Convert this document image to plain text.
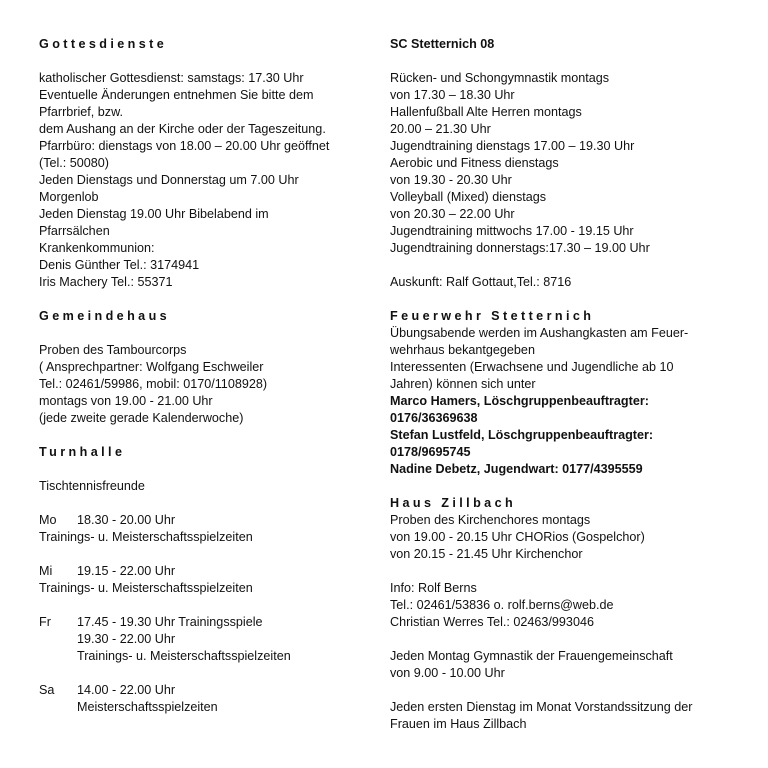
Gottesdienste
katholischer Gottesdienst: samstags: 17.30 Uhr
Eventuelle Änderungen entnehmen Sie bitte dem
Pfarrbrief, bzw.
dem Aushang an der Kirche oder der Tageszeitung.
Pfarrbüro: dienstags von 18.00 – 20.00 Uhr geöffnet
(Tel.: 50080)
Jeden Dienstags und Donnerstag um 7.00 Uhr
Morgenlob
Jeden Dienstag 19.00 Uhr Bibelabend im
Pfarrsälchen
Krankenkommunion:
Denis Günther Tel.: 3174941
Iris Machery Tel.: 55371
Gemeindehaus
Proben des Tambourcorps
( Ansprechpartner: Wolfgang Eschweiler
Tel.: 02461/59986, mobil: 0170/1108928)
montags von 19.00 - 21.00 Uhr
(jede zweite gerade Kalenderwoche)
Turnhalle
Tischtennisfreunde
Mo	18.30 - 20.00 Uhr
Trainings- u. Meisterschaftsspielzeiten
Mi	19.15 - 22.00 Uhr
Trainings- u. Meisterschaftsspielzeiten
Fr	17.45 - 19.30 Uhr Trainingsspiele
19.30 - 22.00 Uhr
Trainings- u. Meisterschaftsspielzeiten
Sa	14.00 - 22.00 Uhr
Meisterschaftsspielzeiten
SC Stetternich 08
Rücken- und Schongymnastik montags
von 17.30 – 18.30 Uhr
Hallenfußball Alte Herren montags
20.00 – 21.30 Uhr
Jugendtraining dienstags 17.00 – 19.30 Uhr
Aerobic und Fitness dienstags
von 19.30 - 20.30 Uhr
Volleyball (Mixed) dienstags
von 20.30 – 22.00 Uhr
Jugendtraining mittwochs 17.00 - 19.15 Uhr
Jugendtraining donnerstags:17.30 – 19.00 Uhr
Auskunft: Ralf Gottaut,Tel.: 8716
Feuerwehr Stetternich
Übungsabende werden im Aushangkasten am Feuer-
wehrhaus bekantgegeben
Interessenten (Erwachsene und Jugendliche ab 10
Jahren) können sich unter
Marco Hamers, Löschgruppenbeauftragter:
0176/36369638
Stefan Lustfeld, Löschgruppenbeauftragter:
0178/9695745
Nadine Debetz, Jugendwart: 0177/4395559
Haus Zillbach
Proben des Kirchenchores montags
von 19.00 - 20.15 Uhr CHORios (Gospelchor)
von 20.15 - 21.45 Uhr Kirchenchor
Info: Rolf Berns
Tel.: 02461/53836 o. rolf.berns@web.de
Christian Werres Tel.: 02463/993046
Jeden Montag Gymnastik der Frauengemeinschaft
von 9.00 - 10.00 Uhr
Jeden ersten Dienstag im Monat Vorstandssitzung der
Frauen im Haus Zillbach
